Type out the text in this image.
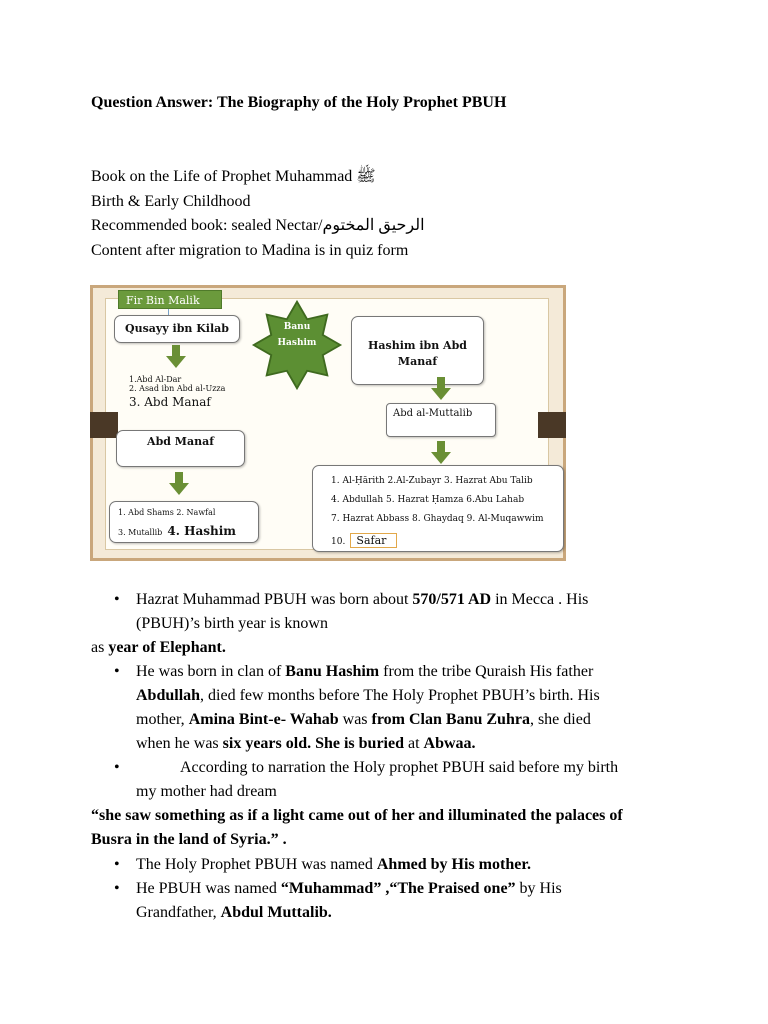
Question Answer: The Biography of the Holy Prophet PBUH
Book on the Life of Prophet Muhammad ﷺ
Birth & Early Childhood
Recommended book: sealed Nectar/الرحيق المختوم
Content after migration to Madina is in quiz form
Fir Bin Malik
Qusayy ibn Kilab
1.Abd Al-Dar
2. Asad ibn Abd al-Uzza
3. Abd Manaf
Abd Manaf
1. Abd Shams 2. Nawfal
3. Mutallib 4. Hashim
Banu
Hashim	Hashim ibn Abd
Manaf
Abd al-Muttalib
1. Al-Ḥārith 2.Al-Zubayr 3. Hazrat Abu Talib
4. Abdullah 5. Hazrat Ḥamza 6.Abu Lahab
7. Hazrat Abbass 8. Ghaydaq 9. Al-Muqawwim
10. Safar
• Hazrat Muhammad PBUH was born about 570/571 AD in Mecca . His
(PBUH)’s birth year is known
as year of Elephant.
• He was born in clan of Banu Hashim from the tribe Quraish His father
Abdullah, died few months before The Holy Prophet PBUH’s birth. His
mother, Amina Bint-e- Wahab was from Clan Banu Zuhra, she died
when he was six years old. She is buried at Abwaa.
•	According to narration the Holy prophet PBUH said before my birth
my mother had dream
“she saw something as if a light came out of her and illuminated the palaces of
Busra in the land of Syria.” .
• The Holy Prophet PBUH was named Ahmed by His mother.
• He PBUH was named “Muhammad” ,“The Praised one” by His
Grandfather, Abdul Muttalib.
